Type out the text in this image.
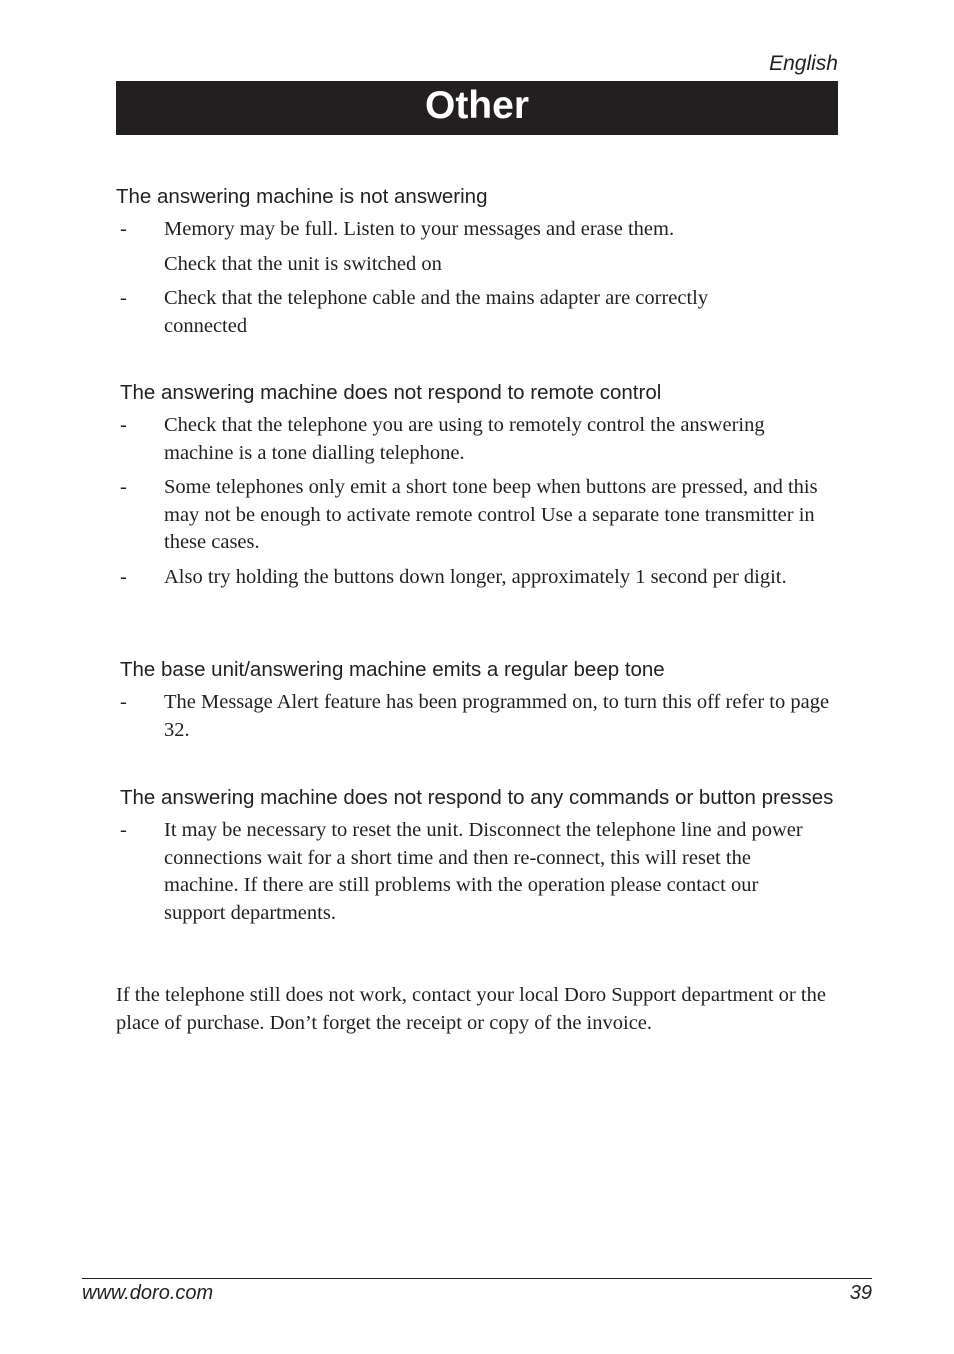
English
Other
The answering machine is not answering
- Memory may be full. Listen to your messages and erase them.
- Check that the unit is switched on
- Check that the telephone cable and the mains adapter are correctly connected
The answering machine does not respond to remote control
- Check that the telephone you are using to remotely control the answering machine is a tone dialling telephone.
- Some telephones only emit a short tone beep when buttons are pressed, and this may not be enough to activate remote control Use a separate tone transmitter in these cases.
- Also try holding the buttons down longer, approximately 1 second per digit.
The base unit/answering machine emits a regular beep tone
- The Message Alert feature has been programmed on, to turn this off refer to page 32.
The answering machine does not respond to any commands or button presses
- It may be necessary to reset the unit. Disconnect the telephone line and power connections wait for a short time and then re-connect, this will reset the machine. If there are still problems with the operation please contact our support departments.
If the telephone still does not work, contact your local Doro Support department or the place of purchase. Don’t forget the receipt or copy of the invoice.
www.doro.com	39
